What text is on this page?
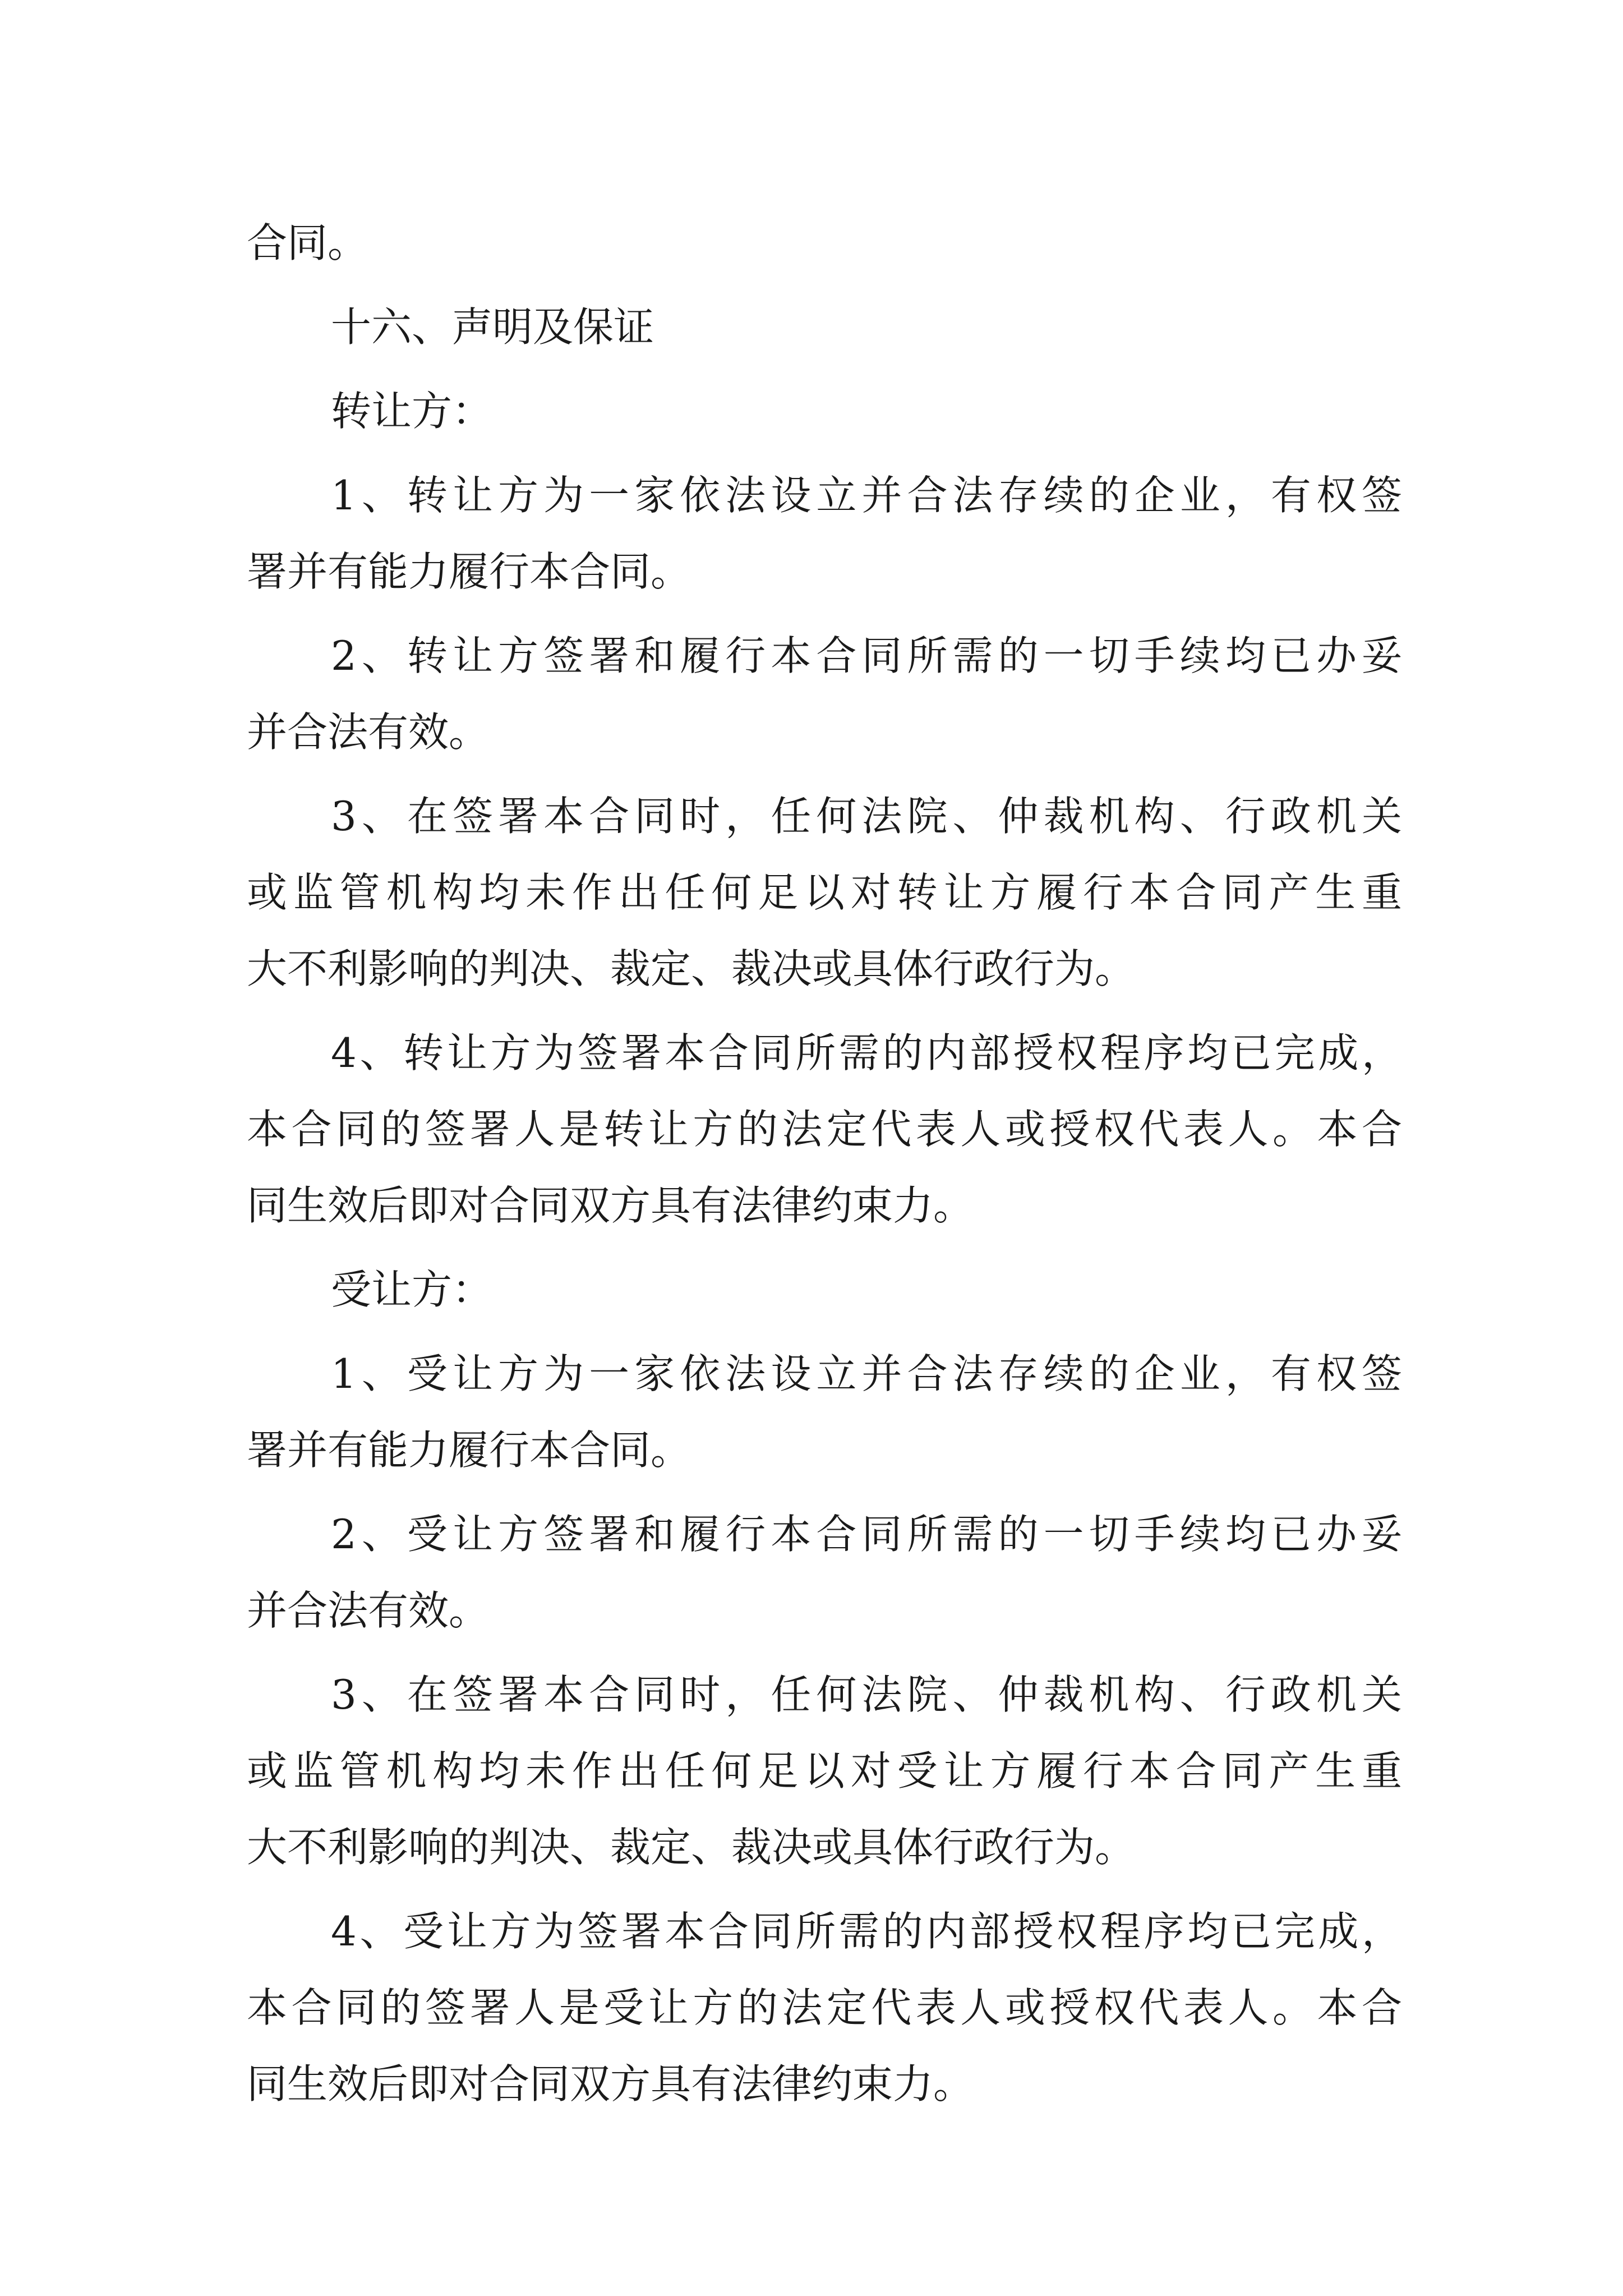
合同。
十六、声明及保证
转让方：
1、转让方为一家依法设立并合法存续的企业，有权签
署并有能力履行本合同。
2、转让方签署和履行本合同所需的一切手续均已办妥
并合法有效。
3、在签署本合同时，任何法院、仲裁机构、行政机关
或监管机构均未作出任何足以对转让方履行本合同产生重
大不利影响的判决、裁定、裁决或具体行政行为。
4、转让方为签署本合同所需的内部授权程序均已完成，
本合同的签署人是转让方的法定代表人或授权代表人。本合
同生效后即对合同双方具有法律约束力。
受让方：
1、受让方为一家依法设立并合法存续的企业，有权签
署并有能力履行本合同。
2、受让方签署和履行本合同所需的一切手续均已办妥
并合法有效。
3、在签署本合同时，任何法院、仲裁机构、行政机关
或监管机构均未作出任何足以对受让方履行本合同产生重
大不利影响的判决、裁定、裁决或具体行政行为。
4、受让方为签署本合同所需的内部授权程序均已完成，
本合同的签署人是受让方的法定代表人或授权代表人。本合
同生效后即对合同双方具有法律约束力。
